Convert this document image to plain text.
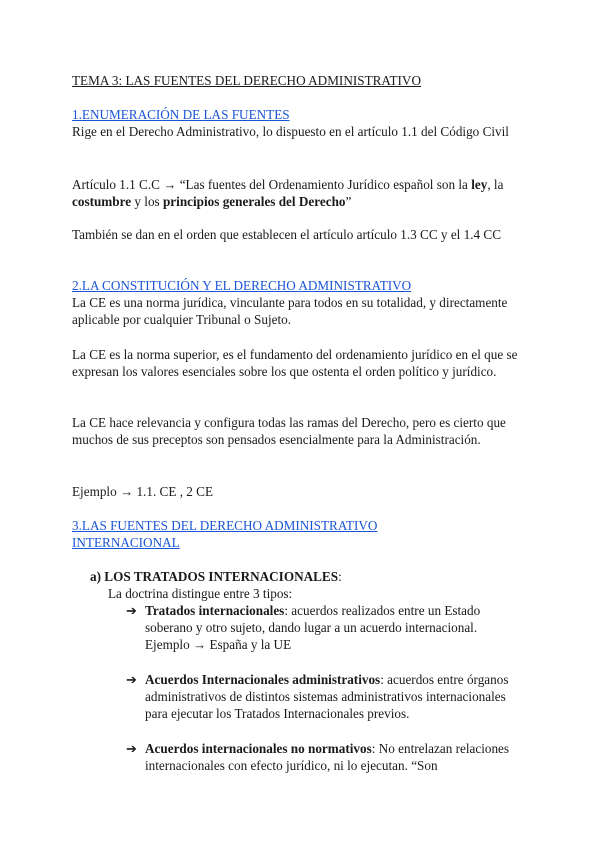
TEMA 3: LAS FUENTES DEL DERECHO ADMINISTRATIVO

1.ENUMERACIÓN DE LAS FUENTES

Rige en el Derecho Administrativo, lo dispuesto en el artículo 1.1 del Código Civil

Artículo 1.1 C.C → “Las fuentes del Ordenamiento Jurídico español son la ley, la costumbre y los principios generales del Derecho”

También se dan en el orden que establecen el artículo artículo 1.3 CC y el 1.4 CC

2.LA CONSTITUCIÓN Y EL DERECHO ADMINISTRATIVO

La CE es una norma jurídica, vinculante para todos en su totalidad, y directamente aplicable por cualquier Tribunal o Sujeto.

La CE es la norma superior, es el fundamento del ordenamiento jurídico en el que se expresan los valores esenciales sobre los que ostenta el orden político y jurídico.

La CE hace relevancia y configura todas las ramas del Derecho, pero es cierto que muchos de sus preceptos son pensados esencialmente para la Administración.

Ejemplo → 1.1. CE , 2 CE

3.LAS FUENTES DEL DERECHO ADMINISTRATIVO
INTERNACIONAL

a) LOS TRATADOS INTERNACIONALES:

La doctrina distingue entre 3 tipos:

➔ Tratados internacionales: acuerdos realizados entre un Estado soberano y otro sujeto, dando lugar a un acuerdo internacional.
Ejemplo → España y la UE

➔ Acuerdos Internacionales administrativos: acuerdos entre órganos administrativos de distintos sistemas administrativos internacionales para ejecutar los Tratados Internacionales previos.

➔ Acuerdos internacionales no normativos: No entrelazan relaciones internacionales con efecto jurídico, ni lo ejecutan. “Son
